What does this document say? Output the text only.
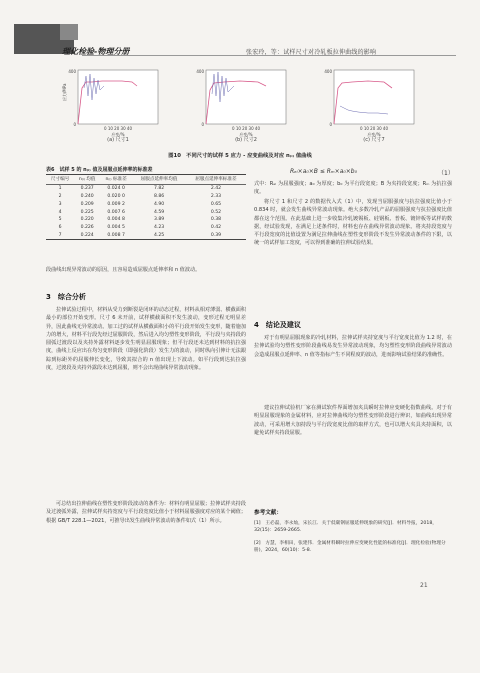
理化检验-物理分册	张宏玲，等：试样尺寸对冷轧板拉伸曲线的影响
400
0
0 10 20 30 40
应变/%
应力/MPa
(a) 尺寸1
400
0
0 10 20 30 40
应变/%
(b) 尺寸2
400
0
0 10 20 30 40
应变/%
(c) 尺寸7
图10　不同尺寸的试样 5 应力 - 应变曲线及对应 n₍ᵢ₎ 值曲线
表6　试样 5 的 n₍ᵢ₎ 值及屈服点延伸率的标准差
尺寸编号	n₍ᵢ₎ 均值	n₍ᵢ₎ 标准差	屈服点延伸率均值	屈服点延伸率标准差
1	0.237	0.024 0	7.82	2.42
2	0.240	0.020 0	8.86	2.33
3	0.209	0.009 2	4.90	0.65
4	0.225	0.007 6	4.59	0.52
5	0.220	0.004 8	3.89	0.38
6	0.226	0.004 5	4.23	0.42
7	0.224	0.008 7	4.25	0.39
段曲线出现异常波动的原因，且容易造成屈服点延伸率和 n 值波动。
3　综合分析
拉伸试验过程中，材料从受力到断裂是闭环的动态过程，材料从相对薄弱、横截面积最小的部位开始变形。尺寸 6 未开前，试样横截面积不发生波动，变形过程无明显差异，因此曲线无异常波动。加工过的试样从横截面积小的平行段开始发生变形，随着施加力的增大，材料平行段先经过屈服阶段，然后进入均匀塑性变形阶段，平行段与夹持段的圆弧过渡段以及夹持外露材料逐步发生明显屈服现象；但平行段还未达到材料的抗拉强度，曲线上反应出在均匀变形阶段（即强化阶段）发生力的波动，同时纵向引伸计无法跟踪到标距外的屈服伸长变化，导致其拟合的 n 值出现上下波动。如平行段到达抗拉强度，过渡段及夹持外露段未达到屈服，则不会出现曲线异常波动现象。
可总结出拉伸曲线在塑性变形阶段波动的条件为：材料有明显屈服；拉伸试样夹持段及过渡弧外露，拉伸试样夹持宽度与平行段宽度比值小于材料屈服强度对应的某个阈值；根据 GB/T 228.1—2021，可推导出发生曲线异常波动的条件如式（1）所示。
Rₑₗ×a₀×B ≤ Rₘ×a₀×b₀	（1）
式中：Rₑₗ 为屈服强度；a₀ 为厚度；b₀ 为平行段宽度；B 为夹持段宽度；Rₘ 为抗拉强度。
将尺寸 1 和尺寸 2 的数据代入式（1）中，发现当屈服强度与抗拉强度比值小于 0.834 时，就会发生曲线异常波动现象。绝大多数冷轧产品的屈服强度与抗拉强度比值都在这个范围。在此基础上进一步收集冷轧镀锡板、硅钢板、普板、镀锌板等试样的数据，经试验发现，在满足上述条件时，材料也存在曲线异常波动现象。将夹持段宽度与平行段宽度的比值设置为满足拉伸曲线在塑性变形阶段不发生异常波动条件的下限，以统一的试样加工宽度，可以得到准确的拉伸试验结果。
4　结论及建议
对于有明显屈服现象的冷轧材料，拉伸试样夹持宽度与平行宽度比值为 1.2 时，在拉伸试验均匀塑性变形阶段曲线易发生异常波动现象，均匀塑性变形阶段曲线异常波动会造成屈服点延伸率、n 值等指标产生不同程度的波动，进而影响试验结果的准确性。
建议拉伸试验机厂家在测试软件界面增加夹具瞬时拉伸应变硬化指数曲线。对于有明显屈服现象的金属材料，应对拉伸曲线均匀塑性变形阶段进行辨识，如曲线出现异常波动，可采用增大加持段与平行段宽度比值的取样方式，也可以增大夹具夹持面积，以避免试样夹持段屈服。
参考文献：
[1]　王必磊，李永灿，宋长江．关于低碳钢屈服延伸现象的研究[J]．材料导报，2018，32(15)：2659-2665.
[2]　方慧，李相田，张建伟．金属材料瞬时拉伸应变硬化性能的标准化[J]．理化检验(物理分册)，2024，60(10)：5-8.
21
